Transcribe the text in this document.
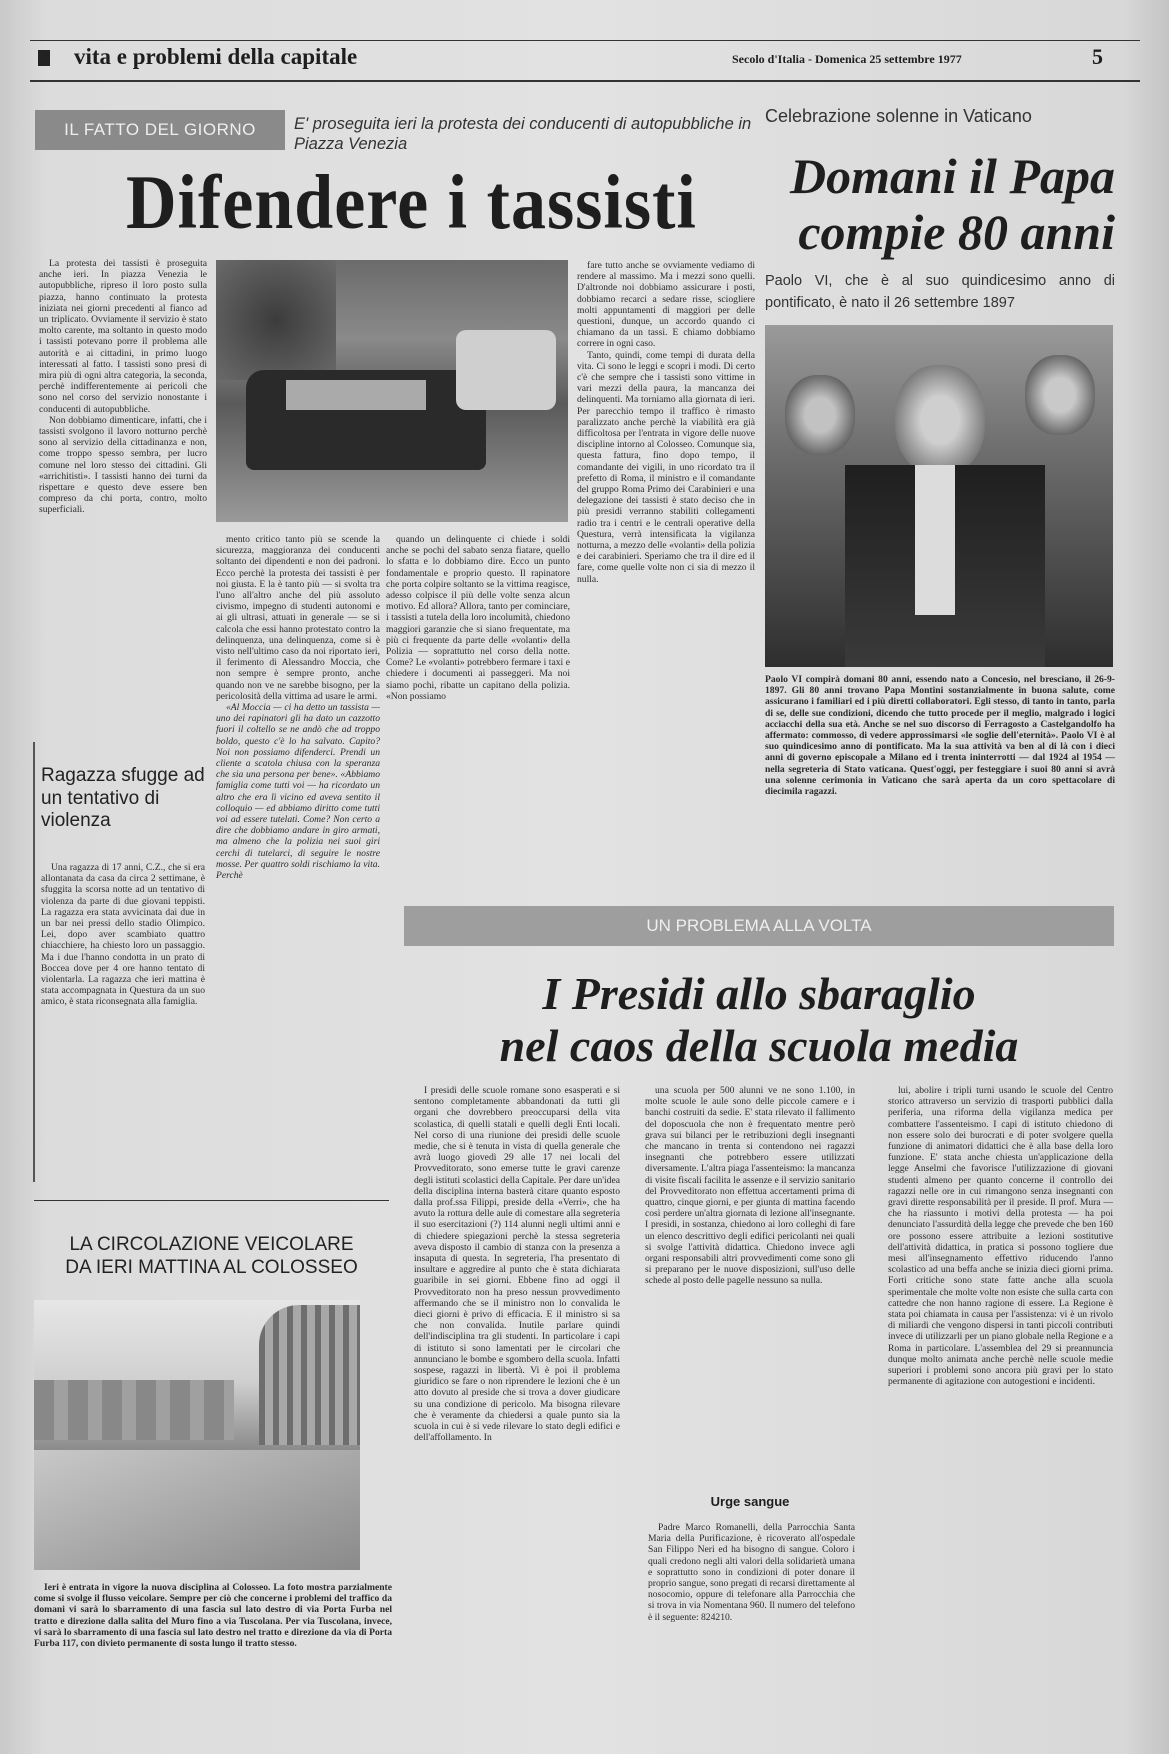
vita e problemi della capitale	Secolo d'Italia - Domenica 25 settembre 1977	5
IL FATTO DEL GIORNO E' proseguita ieri la protesta dei conducenti di autopubbliche in Piazza Venezia
Difendere i tassisti

La protesta dei tassisti è proseguita anche ieri. In piazza Venezia le autopubbliche, ripreso il loro posto sulla piazza, hanno continuato la protesta iniziata nei giorni precedenti al fianco ad un triplicato. Ovviamente il servizio è stato molto carente, ma soltanto in questo modo i tassisti potevano porre il problema alle autorità e ai cittadini, in primo luogo interessati al fatto. I tassisti sono presi di mira più di ogni altra categoria, la seconda, perchè indifferentemente ai pericoli che sono nel corso del servizio nonostante i conducenti di autopubbliche.

Non dobbiamo dimenticare, infatti, che i tassisti svolgono il lavoro notturno perchè sono al servizio della cittadinanza e non, come troppo spesso sembra, per lucro comune nel loro stesso dei cittadini. Gli «arrichitisti». I tassisti hanno dei turni da rispettare e questo deve essere ben compreso da chi porta, contro, molto superficiali.

mento critico tanto più se scende la sicurezza, maggioranza dei conducenti soltanto dei dipendenti e non dei padroni. Ecco perchè la protesta dei tassisti è per noi giusta. E la è tanto più — si svolta tra l'uno all'altro anche del più assoluto civismo, impegno di studenti autonomi e ai gli ultrasi, attuati in generale — se si calcola che essi hanno protestato contro la delinquenza, una delinquenza, come si è visto nell'ultimo caso da noi riportato ieri, il ferimento di Alessandro Moccia, che non sempre è sempre pronto, anche quando non ve ne sarebbe bisogno, per la pericolosità della vittima ad usare le armi.

«Al Moccia — ci ha detto un tassista — uno dei rapinatori gli ha dato un cazzotto fuori il coltello se ne andò che ad troppo boldo, questo c'è lo ha salvato. Capito? Noi non possiamo difenderci. Prendi un cliente a scatola chiusa con la speranza che sia una persona per bene». «Abbiamo famiglia come tutti voi — ha ricordato un altro che era lì vicino ed aveva sentito il colloquio — ed abbiamo diritto come tutti voi ad essere tutelati. Come? Non certo a dire che dobbiamo andare in giro armati, ma almeno che la polizia nei suoi giri cerchi di tutelarci, di seguire le nostre mosse. Per quattro soldi rischiamo la vita. Perchè

quando un delinquente ci chiede i soldi anche se pochi del sabato senza fiatare, quello lo sfatta e lo dobbiamo dire. Ecco un punto fondamentale e proprio questo. Il rapinatore che porta colpire soltanto se la vittima reagisce, adesso colpisce il più delle volte senza alcun motivo. Ed allora? Allora, tanto per cominciare, i tassisti a tutela della loro incolumità, chiedono maggiori garanzie che si siano frequentate, ma più ci frequente da parte delle «volanti» della Polizia — soprattutto nel corso della notte. Come? Le «volanti» potrebbero fermare i taxi e chiedere i documenti ai passeggeri. Ma noi siamo pochi, ribatte un capitano della polizia. «Non possiamo

fare tutto anche se ovviamente vediamo di rendere al massimo. Ma i mezzi sono quelli. D'altronde noi dobbiamo assicurare i posti, dobbiamo recarci a sedare risse, sciogliere molti appuntamenti di maggiori per delle questioni, dunque, un accordo quando ci chiamano da un tassì. E chiamo dobbiamo correre in ogni caso.

Tanto, quindi, come tempi di durata della vita. Ci sono le leggi e scopri i modi. Di certo c'è che sempre che i tassisti sono vittime in vari mezzi della paura, la mancanza dei delinquenti. Ma torniamo alla giornata di ieri. Per parecchio tempo il traffico è rimasto paralizzato anche perchè la viabilità era già difficoltosa per l'entrata in vigore delle nuove discipline intorno al Colosseo. Comunque sia, questa fattura, fino dopo tempo, il comandante dei vigili, in uno ricordato tra il prefetto di Roma, il ministro e il comandante del gruppo Roma Primo dei Carabinieri e una delegazione dei tassisti è stato deciso che in più presidi verranno stabiliti collegamenti radio tra i centri e le centrali operative della Questura, verrà intensificata la vigilanza notturna, a mezzo delle «volanti» della polizia e dei carabinieri. Speriamo che tra il dire ed il fare, come quelle volte non ci sia di mezzo il nulla.

Celebrazione solenne in Vaticano
Domani il Papa
compie 80 anni
Paolo VI, che è al suo quindicesimo anno di pontificato, è nato il 26 settembre 1897

Paolo VI compirà domani 80 anni, essendo nato a Concesio, nel bresciano, il 26-9-1897. Gli 80 anni trovano Papa Montini sostanzialmente in buona salute, come assicurano i familiari ed i più diretti collaboratori. Egli stesso, di tanto in tanto, parla di se, delle sue condizioni, dicendo che tutto procede per il meglio, malgrado i logici acciacchi della sua età. Anche se nel suo discorso di Ferragosto a Castelgandolfo ha affermato: commosso, di vedere approssimarsi «le soglie dell'eternità». Paolo VI è al suo quindicesimo anno di pontificato. Ma la sua attività va ben al di là con i dieci anni di governo episcopale a Milano ed i trenta ininterrotti — dal 1924 al 1954 — nella segreteria di Stato vaticana. Quest'oggi, per festeggiare i suoi 80 anni si avrà una solenne cerimonia in Vaticano che sarà aperta da un coro spettacolare di diecimila ragazzi.

Ragazza sfugge ad un tentativo di violenza

Una ragazza di 17 anni, C.Z., che si era allontanata da casa da circa 2 settimane, è sfuggita la scorsa notte ad un tentativo di violenza da parte di due giovani teppisti. La ragazza era stata avvicinata dai due in un bar nei pressi dello stadio Olimpico. Lei, dopo aver scambiato quattro chiacchiere, ha chiesto loro un passaggio. Ma i due l'hanno condotta in un prato di Boccea dove per 4 ore hanno tentato di violentarla. La ragazza che ieri mattina è stata accompagnata in Questura da un suo amico, è stata riconsegnata alla famiglia.

LA CIRCOLAZIONE VEICOLARE
DA IERI MATTINA AL COLOSSEO

Ieri è entrata in vigore la nuova disciplina al Colosseo. La foto mostra parzialmente come si svolge il flusso veicolare. Sempre per ciò che concerne i problemi del traffico da domani vi sarà lo sbarramento di una fascia sul lato destro di via Porta Furba nel tratto e direzione dalla salita del Muro fino a via Tuscolana. Per via Tuscolana, invece, vi sarà lo sbarramento di una fascia sul lato destro nel tratto e direzione da via di Porta Furba 117, con divieto permanente di sosta lungo il tratto stesso.

UN PROBLEMA ALLA VOLTA
I Presidi allo sbaraglio
nel caos della scuola media

I presidi delle scuole romane sono esasperati e si sentono completamente abbandonati da tutti gli organi che dovrebbero preoccuparsi della vita scolastica, di quelli statali e quelli degli Enti locali. Nel corso di una riunione dei presidi delle scuole medie, che si è tenuta in vista di quella generale che avrà luogo giovedì 29 alle 17 nei locali del Provveditorato, sono emerse tutte le gravi carenze degli istituti scolastici della Capitale. Per dare un'idea della disciplina interna basterà citare quanto esposto dalla prof.ssa Filippi, preside della «Verri», che ha avuto la rottura delle aule di comestare alla segreteria il suo esercitazioni (?) 114 alunni negli ultimi anni e di chiedere spiegazioni perchè la stessa segreteria aveva disposto il cambio di stanza con la presenza a insaputa di questa. In segreteria, l'ha presentato di insultare e aggredire al punto che è stata dichiarata guaribile in sei giorni. Ebbene fino ad oggi il Provveditorato non ha preso nessun provvedimento affermando che se il ministro non lo convalida le dieci giorni è privo di efficacia. E il ministro si sa che non convalida. Inutile parlare quindi dell'indisciplina tra gli studenti. In particolare i capi di istituto si sono lamentati per le circolari che annunciano le bombe e sgombero della scuola. Infatti sospese, ragazzi in libertà. Vi è poi il problema giuridico se fare o non riprendere le lezioni che è un atto dovuto al preside che si trova a dover giudicare su una condizione di pericolo. Ma bisogna rilevare che è veramente da chiedersi a quale punto sia la scuola in cui è si vede rilevare lo stato degli edifici e dell'affollamento. In

una scuola per 500 alunni ve ne sono 1.100, in molte scuole le aule sono delle piccole camere e i banchi costruiti da sedie. E' stata rilevato il fallimento del doposcuola che non è frequentato mentre però grava sui bilanci per le retribuzioni degli insegnanti che mancano in trenta si contendono nei ragazzi insegnanti che potrebbero essere utilizzati diversamente. L'altra piaga l'assenteismo: la mancanza di visite fiscali facilita le assenze e il servizio sanitario del Provveditorato non effettua accertamenti prima di quattro, cinque giorni, e per giunta di mattina facendo così perdere un'altra giornata di lezione all'insegnante. I presidi, in sostanza, chiedono ai loro colleghi di fare un elenco descrittivo degli edifici pericolanti nei quali si svolge l'attività didattica. Chiedono invece agli organi responsabili altri provvedimenti come sono gli si preparano per le nuove disposizioni, sull'uso delle schede al posto delle pagelle nessuno sa nulla.

lui, abolire i tripli turni usando le scuole del Centro storico attraverso un servizio di trasporti pubblici dalla periferia, una riforma della vigilanza medica per combattere l'assenteismo. I capi di istituto chiedono di non essere solo dei burocrati e di poter svolgere quella funzione di animatori didattici che è alla base della loro funzione. E' stata anche chiesta un'applicazione della legge Anselmi che favorisce l'utilizzazione di giovani studenti almeno per quanto concerne il controllo dei ragazzi nelle ore in cui rimangono senza insegnanti con gravi dirette responsabilità per il preside. Il prof. Mura — che ha riassunto i motivi della protesta — ha poi denunciato l'assurdità della legge che prevede che ben 160 ore possono essere attribuite a lezioni sostitutive dell'attività didattica, in pratica si possono togliere due mesi all'insegnamento effettivo riducendo l'anno scolastico ad una beffa anche se inizia dieci giorni prima. Forti critiche sono state fatte anche alla scuola sperimentale che molte volte non esiste che sulla carta con cattedre che non hanno ragione di essere. La Regione è stata poi chiamata in causa per l'assistenza: vi è un rivolo di miliardi che vengono dispersi in tanti piccoli contributi invece di utilizzarli per un piano globale nella Regione e a Roma in particolare. L'assemblea del 29 si preannuncia dunque molto animata anche perchè nelle scuole medie superiori i problemi sono ancora più gravi per lo stato permanente di agitazione con autogestioni e incidenti.

Urge sangue

Padre Marco Romanelli, della Parrocchia Santa Maria della Purificazione, è ricoverato all'ospedale San Filippo Neri ed ha bisogno di sangue. Coloro i quali credono negli alti valori della solidarietà umana e soprattutto sono in condizioni di poter donare il proprio sangue, sono pregati di recarsi direttamente al nosocomio, oppure di telefonare alla Parrocchia che si trova in via Nomentana 960. Il numero del telefono è il seguente: 824210.
